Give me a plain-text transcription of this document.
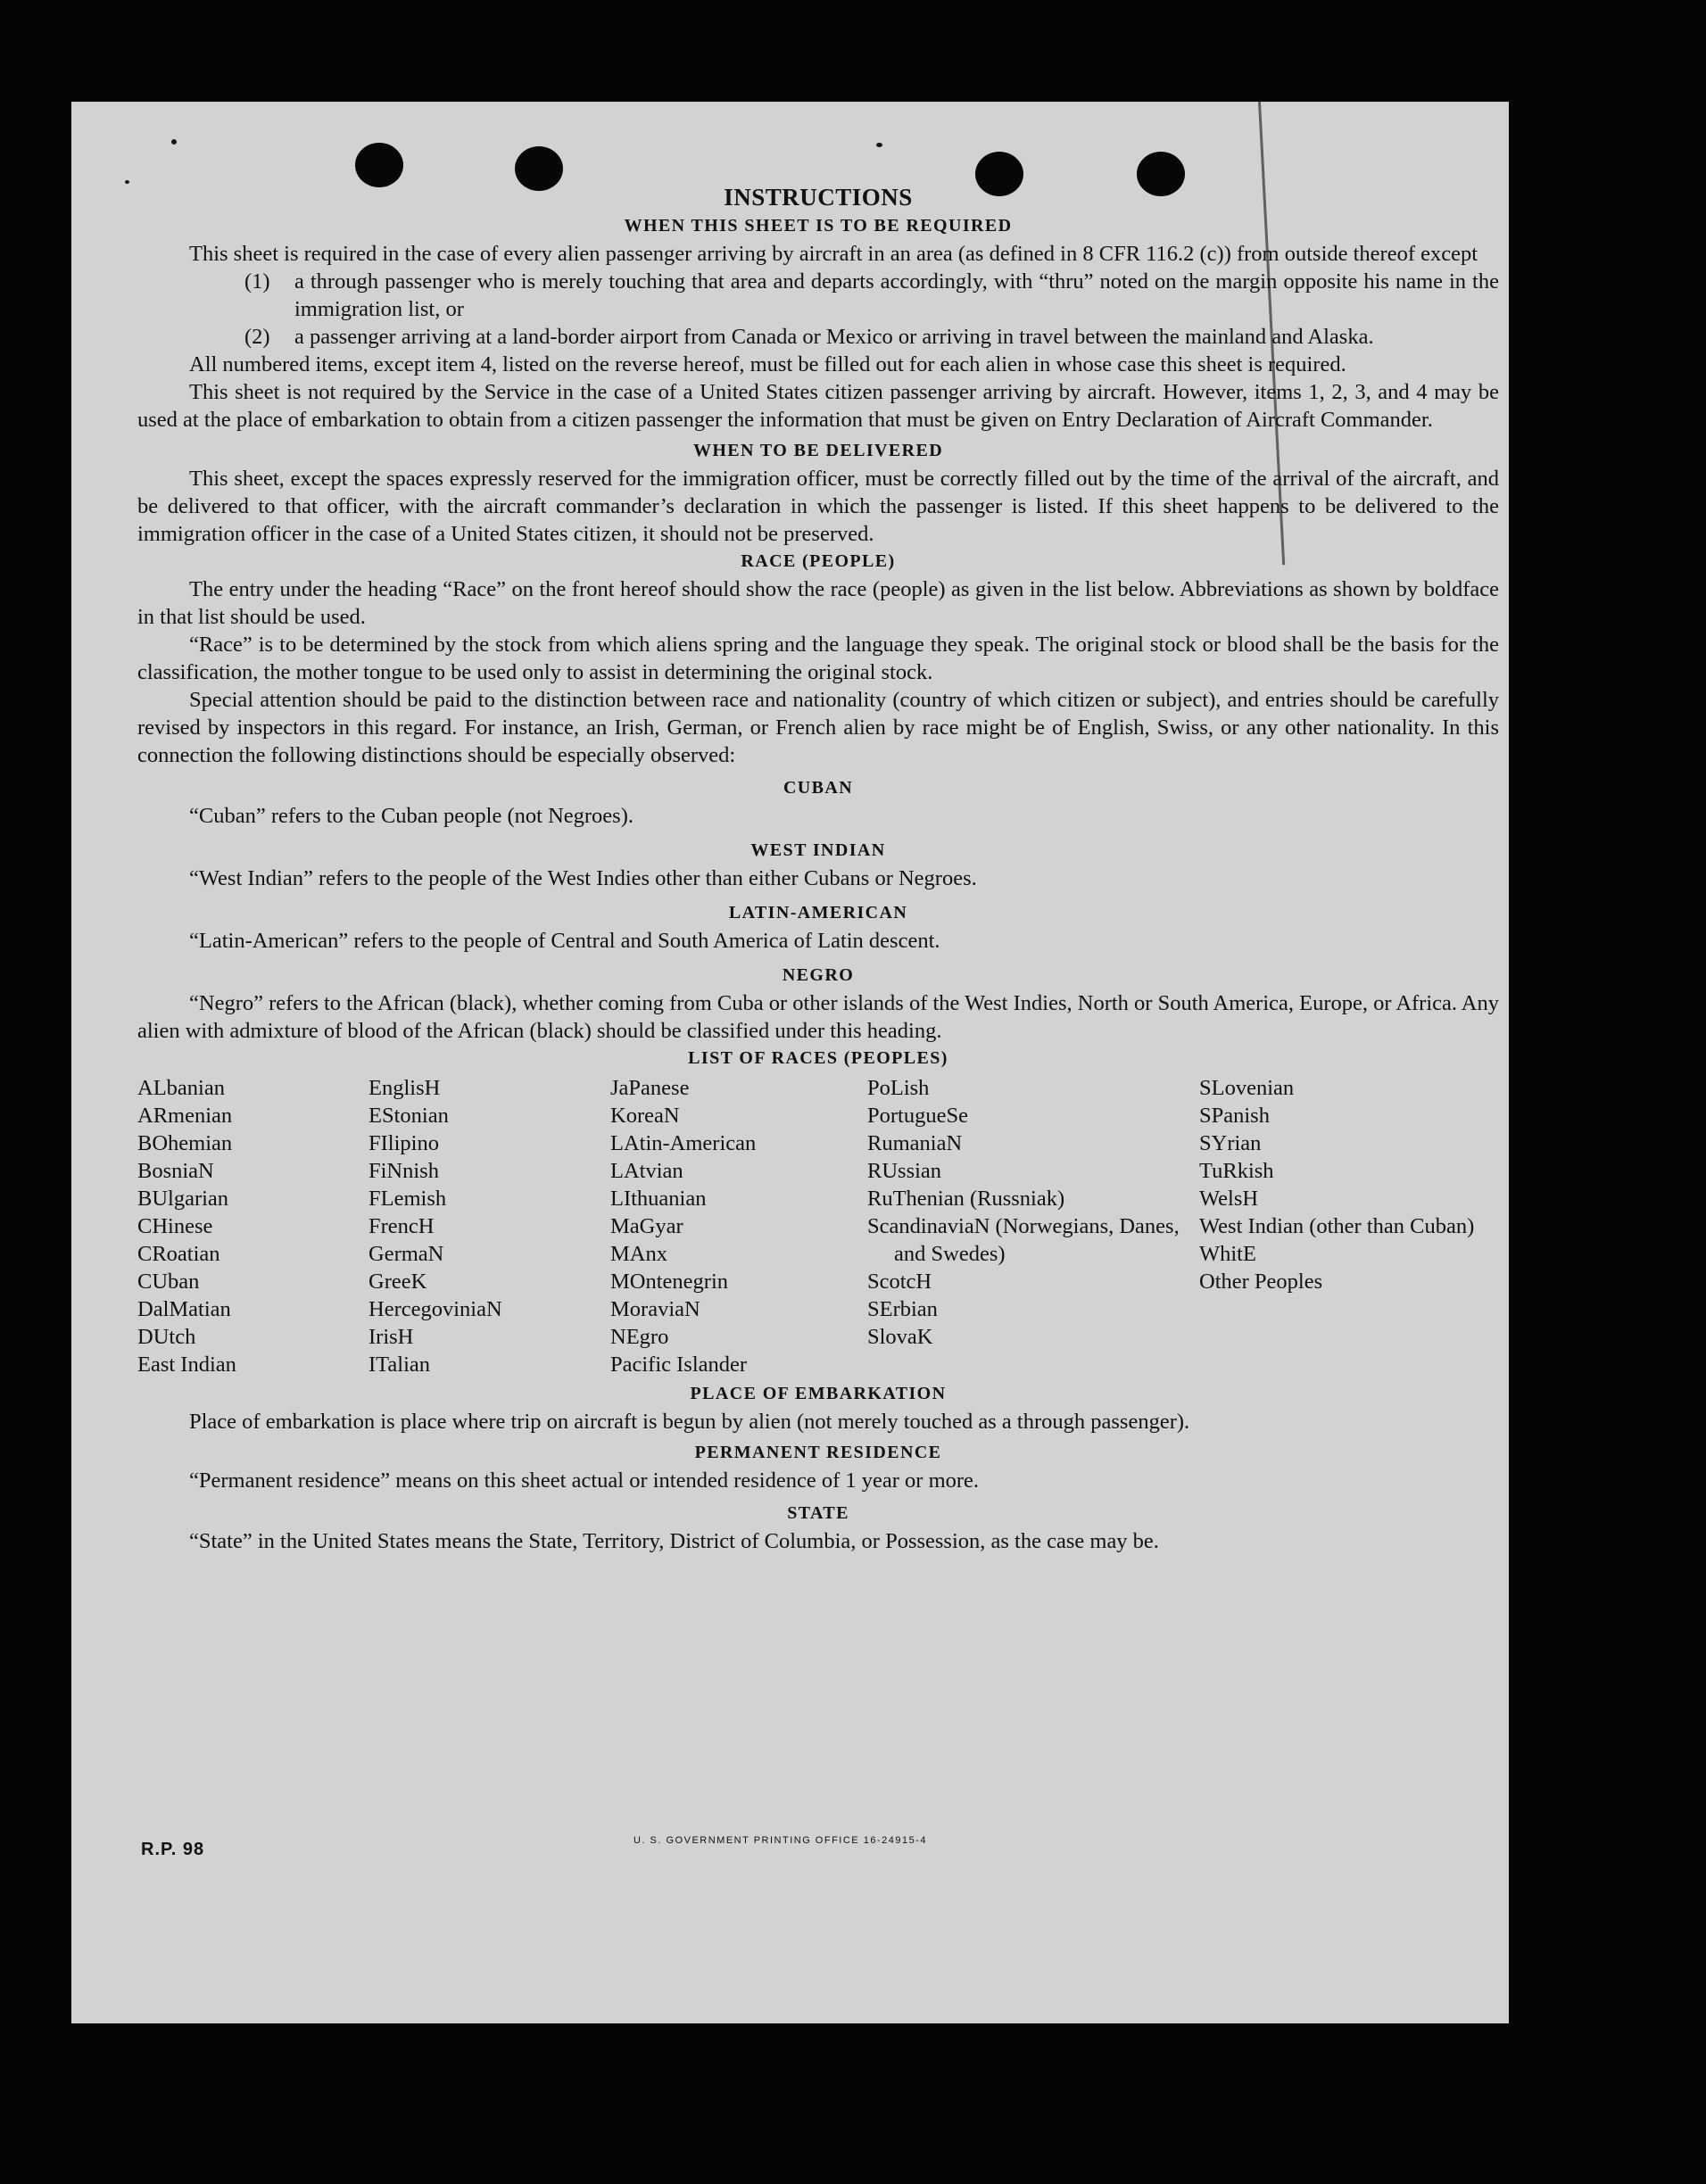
INSTRUCTIONS
WHEN THIS SHEET IS TO BE REQUIRED

This sheet is required in the case of every alien passenger arriving by aircraft in an area (as defined in 8 CFR 116.2 (c)) from outside thereof except

(1)	a through passenger who is merely touching that area and departs accordingly, with “thru” noted on the margin opposite his name in the immigration list, or

(2)	a passenger arriving at a land-border airport from Canada or Mexico or arriving in travel between the mainland and Alaska.

All numbered items, except item 4, listed on the reverse hereof, must be filled out for each alien in whose case this sheet is required.

This sheet is not required by the Service in the case of a United States citizen passenger arriving by aircraft. However, items 1, 2, 3, and 4 may be used at the place of embarkation to obtain from a citizen passenger the information that must be given on Entry Declaration of Aircraft Commander.

WHEN TO BE DELIVERED

This sheet, except the spaces expressly reserved for the immigration officer, must be correctly filled out by the time of the arrival of the aircraft, and be delivered to that officer, with the aircraft commander’s declaration in which the passenger is listed. If this sheet happens to be delivered to the immigration officer in the case of a United States citizen, it should not be preserved.

RACE (PEOPLE)

The entry under the heading “Race” on the front hereof should show the race (people) as given in the list below. Abbreviations as shown by boldface in that list should be used.

“Race” is to be determined by the stock from which aliens spring and the language they speak. The original stock or blood shall be the basis for the classification, the mother tongue to be used only to assist in determining the original stock.

Special attention should be paid to the distinction between race and nationality (country of which citizen or subject), and entries should be carefully revised by inspectors in this regard. For instance, an Irish, German, or French alien by race might be of English, Swiss, or any other nationality. In this connection the following distinctions should be especially observed:

CUBAN

“Cuban” refers to the Cuban people (not Negroes).

WEST INDIAN

“West Indian” refers to the people of the West Indies other than either Cubans or Negroes.

LATIN-AMERICAN

“Latin-American” refers to the people of Central and South America of Latin descent.

NEGRO

“Negro” refers to the African (black), whether coming from Cuba or other islands of the West Indies, North or South America, Europe, or Africa. Any alien with admixture of blood of the African (black) should be classified under this heading.

LIST OF RACES (PEOPLES)
ALbanian
ARmenian
BOhemian
BosniaN
BUlgarian
CHinese
CRoatian
CUban
DalMatian
DUtch
East Indian
EnglisH
EStonian
FIlipino
FiNnish
FLemish
FrencH
GermaN
GreeK
HercegoviniaN
IrisH
ITalian
JaPanese
KoreaN
LAtin-American
LAtvian
LIthuanian
MaGyar
MAnx
MOntenegrin
MoraviaN
NEgro
Pacific Islander
PoLish
PortugueSe
RumaniaN
RUssian
RuThenian (Russniak)
ScandinaviaN (Norwegians, Danes, and Swedes)
ScotcH
SErbian
SlovaK
SLovenian
SPanish
SYrian
TuRkish
WelsH
West Indian (other than Cuban)
WhitE
Other Peoples
PLACE OF EMBARKATION

Place of embarkation is place where trip on aircraft is begun by alien (not merely touched as a through passenger).

PERMANENT RESIDENCE

“Permanent residence” means on this sheet actual or intended residence of 1 year or more.

STATE

“State” in the United States means the State, Territory, District of Columbia, or Possession, as the case may be.

R.P. 98	U. S. GOVERNMENT PRINTING OFFICE 16-24915-4
